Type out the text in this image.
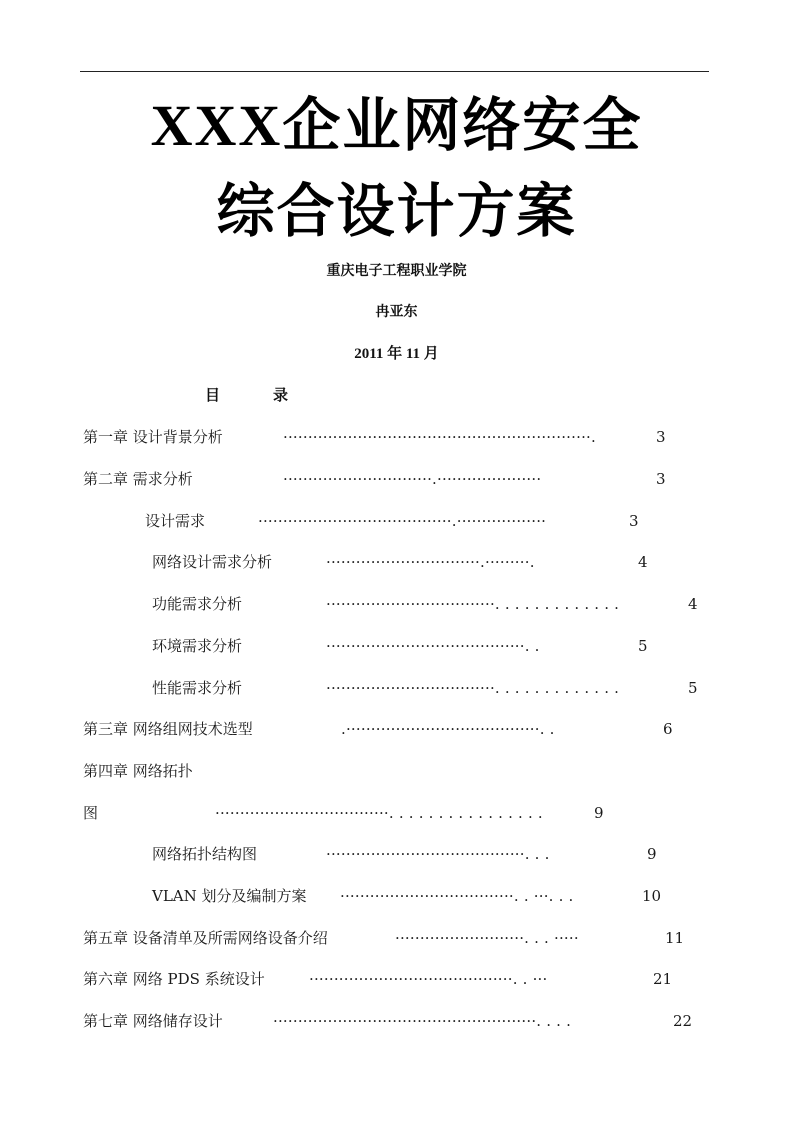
XXX企业网络安全
综合设计方案
重庆电子工程职业学院
冉亚东
2011 年 11 月
目	录
第一章 设计背景分析	······························································.	3
第二章 需求分析	······························.·····················	3
设计需求	·······································.··················	3
网络设计需求分析	·······························.·········.	4
功能需求分析	··································. . . . . . . . . . . . .	4
环境需求分析	········································. .	5
性能需求分析	··································. . . . . . . . . . . . .	5
第三章 网络组网技术选型	.·······································. .	6
第四章 网络拓扑
图	···································. . . . . . . . . . . . . . . .	9
网络拓扑结构图	········································. . .	9
VLAN 划分及编制方案 ···································. . ···. . .	10
第五章 设备清单及所需网络设备介绍	··························. . . ·····	11
第六章 网络 PDS 系统设计	·········································. . ···	21
第七章 网络储存设计	·····················································. . . .	22
